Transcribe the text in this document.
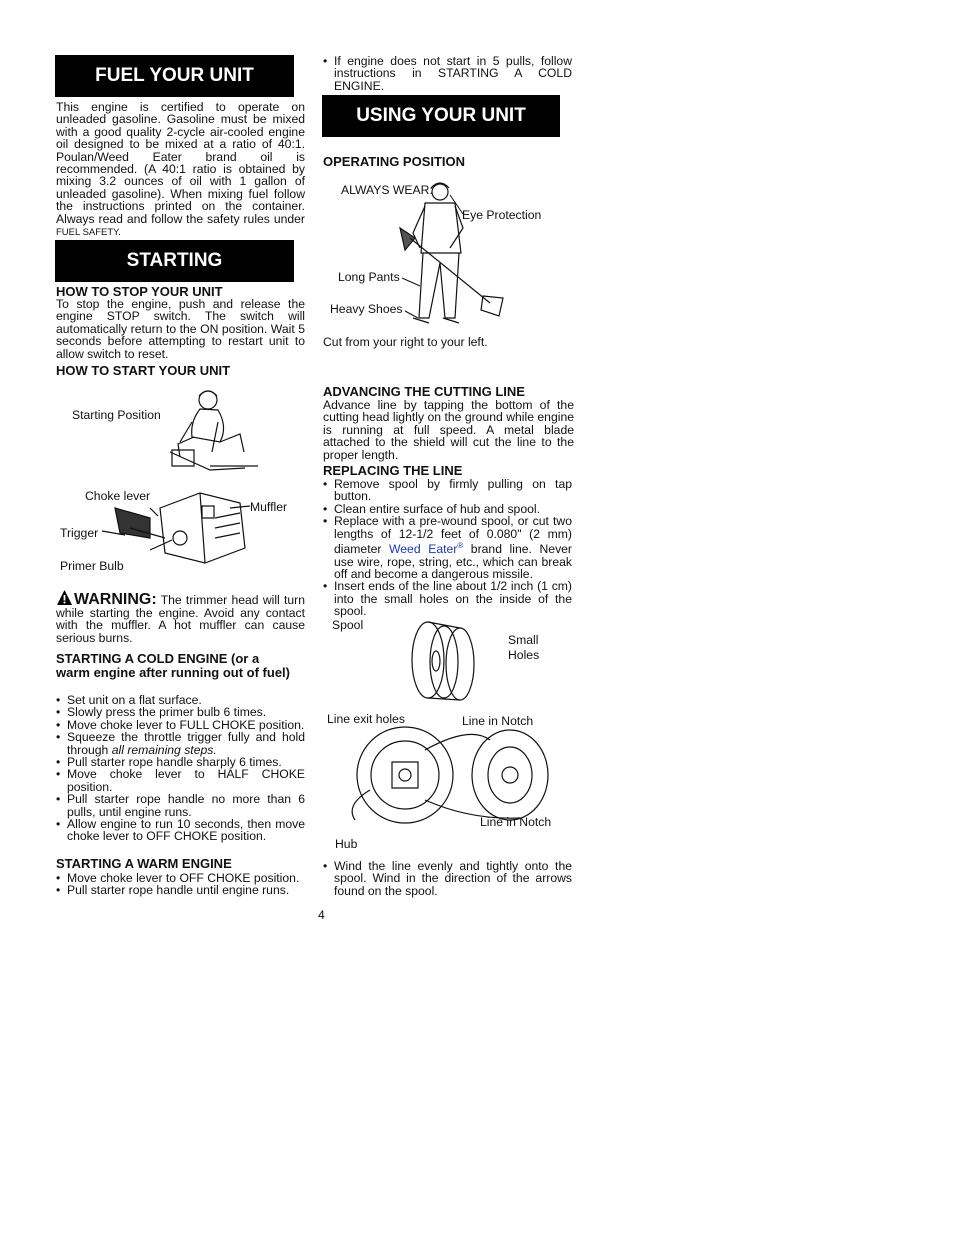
FUEL YOUR UNIT
This engine is certified to operate on unleaded gasoline. Gasoline must be mixed with a good quality 2-cycle air-cooled engine oil designed to be mixed at a ratio of 40:1. Poulan/Weed Eater brand oil is recommended. (A 40:1 ratio is obtained by mixing 3.2 ounces of oil with 1 gallon of unleaded gasoline). When mixing fuel follow the instructions printed on the container. Always read and follow the safety rules under FUEL SAFETY.
STARTING
HOW TO STOP YOUR UNIT
To stop the engine, push and release the engine STOP switch. The switch will automatically return to the ON position. Wait 5 seconds before attempting to restart unit to allow switch to reset.
HOW TO START YOUR UNIT
Starting Position
Choke lever
Muffler
Trigger
Primer Bulb
WARNING: The trimmer head will turn while starting the engine. Avoid any contact with the muffler. A hot muffler can cause serious burns.
STARTING A COLD ENGINE (or a warm engine after running out of fuel)
• Set unit on a flat surface.
• Slowly press the primer bulb 6 times.
• Move choke lever to FULL CHOKE position.
• Squeeze the throttle trigger fully and hold through all remaining steps.
• Pull starter rope handle sharply 6 times.
• Move choke lever to HALF CHOKE position.
• Pull starter rope handle no more than 6 pulls, until engine runs.
• Allow engine to run 10 seconds, then move choke lever to OFF CHOKE position.
STARTING A WARM ENGINE
• Move choke lever to OFF CHOKE position.
• Pull starter rope handle until engine runs.
• If engine does not start in 5 pulls, follow instructions in STARTING A COLD ENGINE.
USING YOUR UNIT
OPERATING POSITION
ALWAYS WEAR:
Eye Protection
Long Pants
Heavy Shoes
Cut from your right to your left.
ADVANCING THE CUTTING LINE
Advance line by tapping the bottom of the cutting head lightly on the ground while engine is running at full speed. A metal blade attached to the shield will cut the line to the proper length.
REPLACING THE LINE
• Remove spool by firmly pulling on tap button.
• Clean entire surface of hub and spool.
• Replace with a pre-wound spool, or cut two lengths of 12-1/2 feet of 0.080" (2 mm) diameter Weed Eater® brand line. Never use wire, rope, string, etc., which can break off and become a dangerous missile.
• Insert ends of the line about 1/2 inch (1 cm) into the small holes on the inside of the spool.
Spool
Small
Holes
Line exit holes	Line in Notch
Line in Notch
Hub
• Wind the line evenly and tightly onto the spool. Wind in the direction of the arrows found on the spool.
4
